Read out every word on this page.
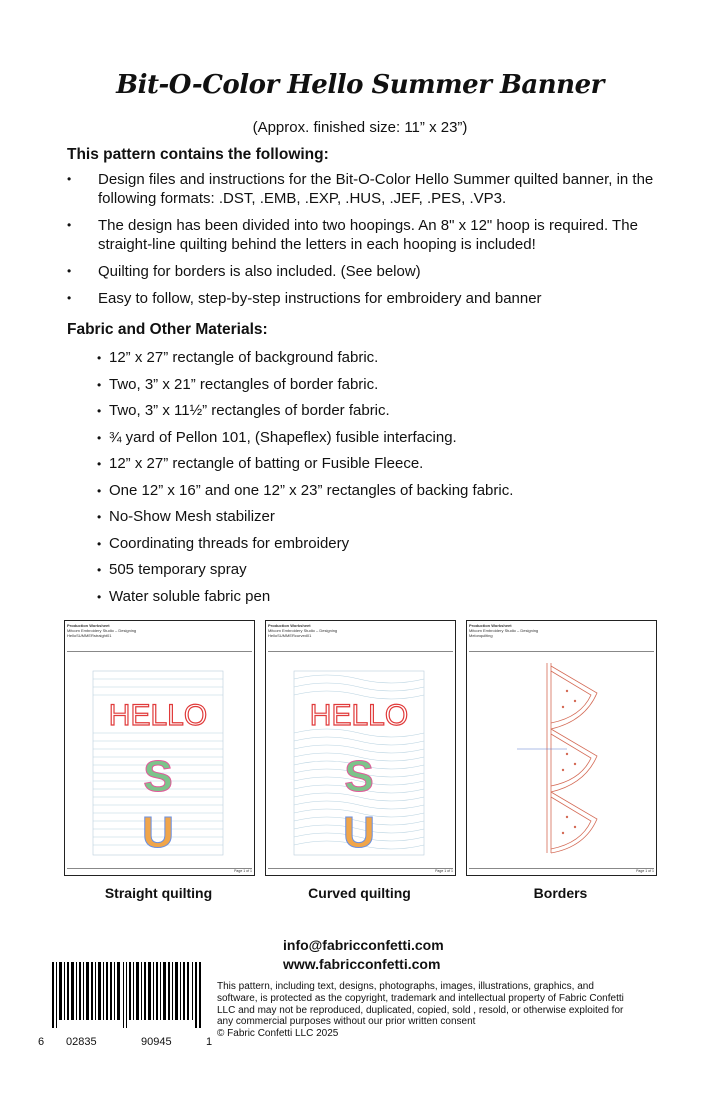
Bit-O-Color Hello Summer Banner
(Approx. finished size: 11” x 23”)
This pattern contains the following:
• Design files and instructions for the Bit-O-Color Hello Summer quilted banner, in the following formats: .DST, .EMB, .EXP, .HUS, .JEF, .PES, .VP3.
• The design has been divided into two hoopings. An 8" x 12" hoop is required. The straight-line quilting behind the letters in each hooping is included!
• Quilting for borders is also included. (See below)
• Easy to follow, step-by-step instructions for embroidery and banner
Fabric and Other Materials:
• 12” x 27” rectangle of background fabric.
• Two, 3” x 21” rectangles of border fabric.
• Two, 3” x 11½” rectangles of border fabric.
• ¾ yard of Pellon 101, (Shapeflex) fusible interfacing.
• 12” x 27” rectangle of batting or Fusible Fleece.
• One 12” x 16” and one 12” x 23” rectangles of backing fabric.
• No-Show Mesh stabilizer
• Coordinating threads for embroidery
• 505 temporary spray
• Water soluble fabric pen
Production Worksheet
Mitcom Embroidery Studio – Designing
HelloSUMMERstraight01
HELLO
S
U
Page 1 of 1
Straight quilting
Production Worksheet
Mitcom Embroidery Studio – Designing
HelloSUMMERcurved01
HELLO
S
U
Page 1 of 1
Curved quilting
Production Worksheet
Mitcom Embroidery Studio – Designing
Melonquilting
Page 1 of 1
Borders
info@fabricconfetti.com
www.fabricconfetti.com
This pattern, including text, designs, photographs, images, illustrations, graphics, and software, is protected as the copyright, trademark and intellectual property of Fabric Confetti LLC and may not be reproduced, duplicated, copied, sold , resold, or otherwise exploited for any commercial purposes without our prior written consent
© Fabric Confetti LLC 2025
6 02835	90945	1
